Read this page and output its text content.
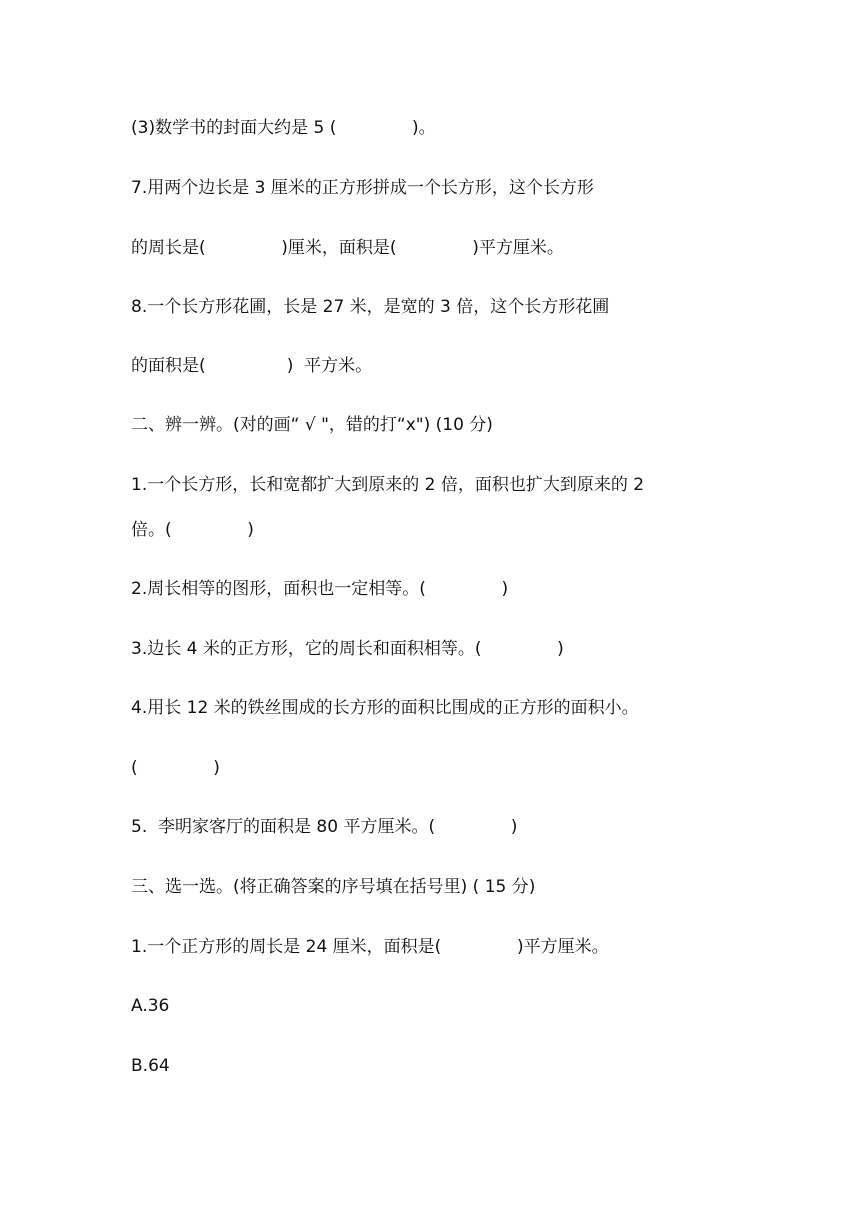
(3)数学书的封面大约是 5 (              )。

7.用两个边长是 3 厘米的正方形拼成一个长方形，这个长方形

的周长是(              )厘米，面积是(              )平方厘米。

8.一个长方形花圃，长是 27 米，是宽的 3 倍，这个长方形花圃

的面积是(               )  平方米。

二、辨一辨。(对的画“ √ "，错的打“x") (10 分)

1.一个长方形，长和宽都扩大到原来的 2 倍，面积也扩大到原来的 2

倍。(              )

2.周长相等的图形，面积也一定相等。(              )

3.边长 4 米的正方形，它的周长和面积相等。(              )

4.用长 12 米的铁丝围成的长方形的面积比围成的正方形的面积小。

(              )

5.  李明家客厅的面积是 80 平方厘米。(              )

三、选一选。(将正确答案的序号填在括号里) ( 15 分)

1.一个正方形的周长是 24 厘米，面积是(              )平方厘米。

A.36

B.64
